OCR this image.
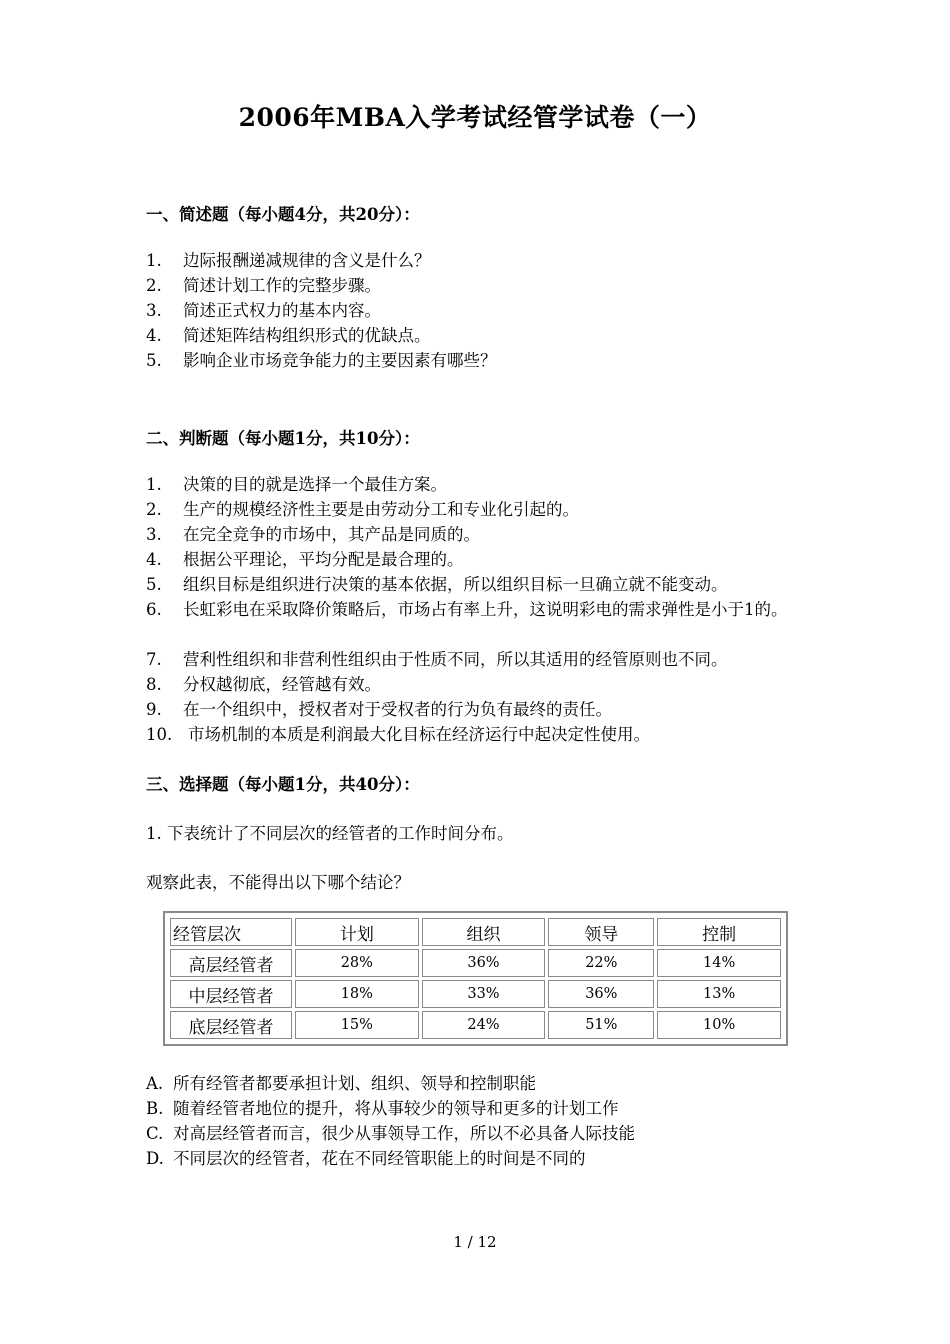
2006年MBA入学考试经管学试卷（一）
一、简述题（每小题4分，共20分）：
1. 边际报酬递减规律的含义是什么？
2. 简述计划工作的完整步骤。
3. 简述正式权力的基本内容。
4. 简述矩阵结构组织形式的优缺点。
5. 影响企业市场竞争能力的主要因素有哪些？
二、判断题（每小题1分，共10分）：
1. 决策的目的就是选择一个最佳方案。
2. 生产的规模经济性主要是由劳动分工和专业化引起的。
3. 在完全竞争的市场中，其产品是同质的。
4. 根据公平理论，平均分配是最合理的。
5. 组织目标是组织进行决策的基本依据，所以组织目标一旦确立就不能变动。
6. 长虹彩电在采取降价策略后，市场占有率上升，这说明彩电的需求弹性是小于1的。
7. 营利性组织和非营利性组织由于性质不同，所以其适用的经管原则也不同。
8. 分权越彻底，经管越有效。
9. 在一个组织中，授权者对于受权者的行为负有最终的责任。
10. 市场机制的本质是利润最大化目标在经济运行中起决定性使用。
三、选择题（每小题1分，共40分）：
1. 下表统计了不同层次的经管者的工作时间分布。
观察此表，不能得出以下哪个结论？
经管层次	计划	组织	领导	控制
高层经管者	28%	36%	22%	14%
中层经管者	18%	33%	36%	13%
底层经管者	15%	24%	51%	10%
A. 所有经管者都要承担计划、组织、领导和控制职能
B. 随着经管者地位的提升，将从事较少的领导和更多的计划工作
C. 对高层经管者而言，很少从事领导工作，所以不必具备人际技能
D. 不同层次的经管者，花在不同经管职能上的时间是不同的
1 / 12
